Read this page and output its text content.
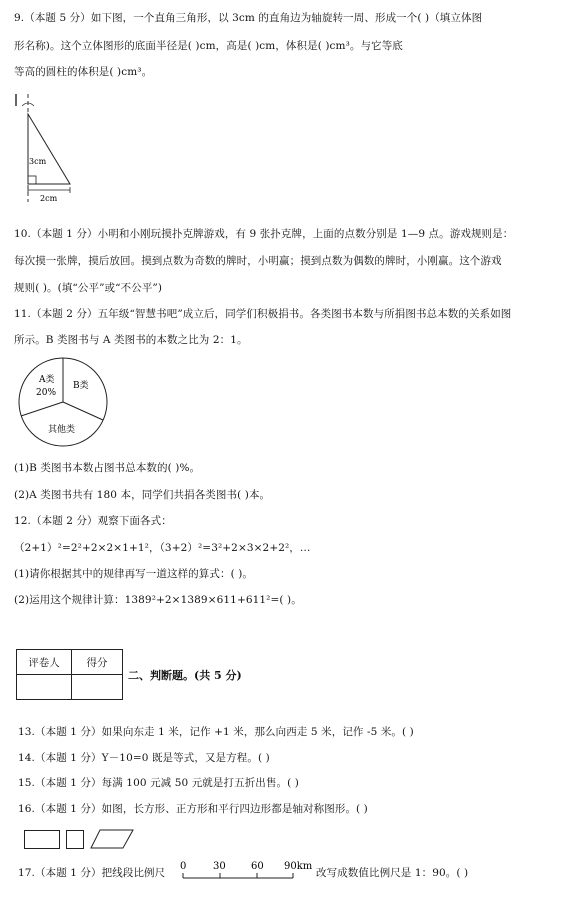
9.（本题 5 分）如下图，一个直角三角形，以 3cm 的直角边为轴旋转一周、形成一个( )（填立体图
形名称)。这个立体图形的底面半径是( )cm，高是( )cm，体积是( )cm³。与它等底
等高的圆柱的体积是( )cm³。
3cm
2cm
10.（本题 1 分）小明和小刚玩摸扑克牌游戏，有 9 张扑克牌，上面的点数分别是 1—9 点。游戏规则是：
每次摸一张牌，摸后放回。摸到点数为奇数的牌时，小明赢；摸到点数为偶数的牌时，小刚赢。这个游戏
规则( )。(填“公平”或“不公平”)
11.（本题 2 分）五年级“智慧书吧”成立后，同学们积极捐书。各类图书本数与所捐图书总本数的关系如图
所示。B 类图书与 A 类图书的本数之比为 2：1。
A类
20%
B类
其他类
(1)B 类图书本数占图书总本数的( )%。
(2)A 类图书共有 180 本，同学们共捐各类图书( )本。
12.（本题 2 分）观察下面各式：
（2+1）²=2²+2×2×1+1²，（3+2）²=3²+2×3×2+2²，…
(1)请你根据其中的规律再写一道这样的算式：( )。
(2)运用这个规律计算：1389²+2×1389×611+611²=( )。
评卷人	得分

二、判断题。(共 5 分)
13.（本题 1 分）如果向东走 1 米，记作 +1 米，那么向西走 5 米，记作 -5 米。( )
14.（本题 1 分）Y－10=0 既是等式，又是方程。( )
15.（本题 1 分）每满 100 元减 50 元就是打五折出售。( )
16.（本题 1 分）如图，长方形、正方形和平行四边形都是轴对称图形。( )
17.（本题 1 分）把线段比例尺
0	30	60 90km
改写成数值比例尺是 1：90。( )
